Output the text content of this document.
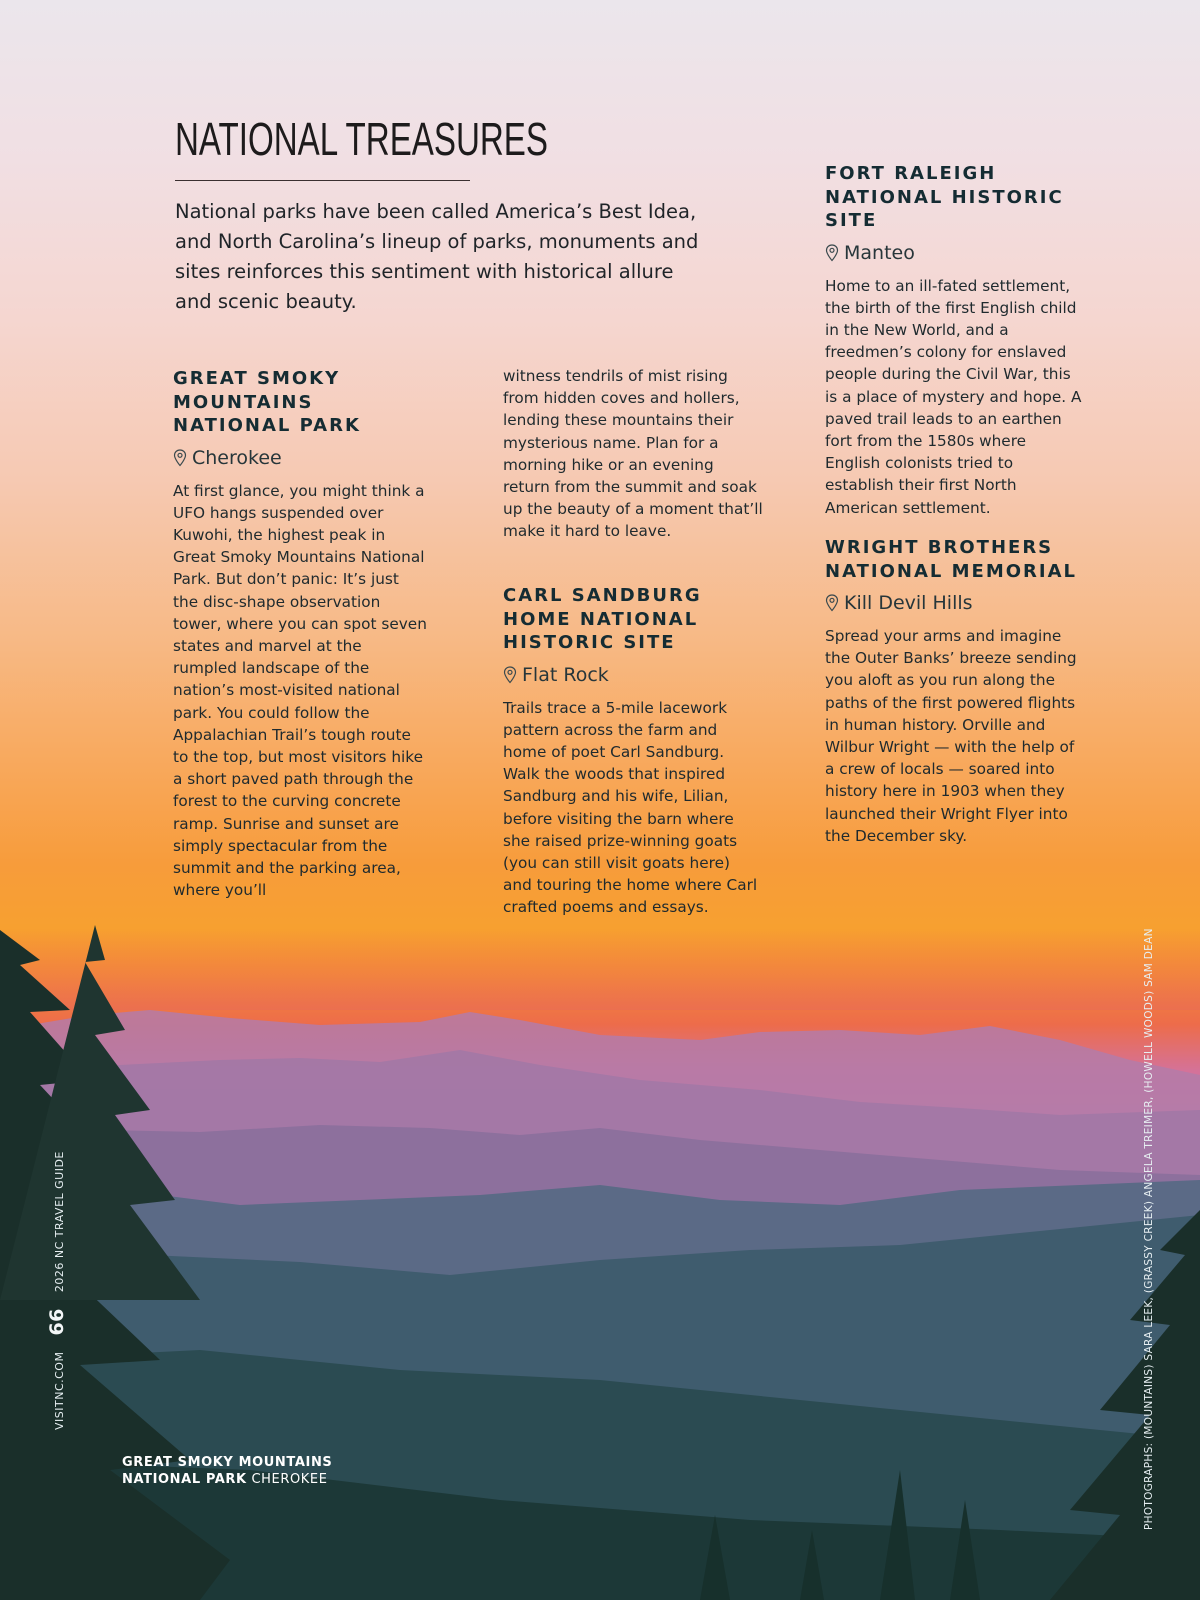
NATIONAL TREASURES

National parks have been called America’s Best Idea, and North Carolina’s lineup of parks, monuments and sites reinforces this sentiment with historical allure and scenic beauty.

GREAT SMOKY MOUNTAINS NATIONAL PARK
Cherokee

At first glance, you might think a UFO hangs suspended over Kuwohi, the highest peak in Great Smoky Mountains National Park. But don’t panic: It’s just the disc-shape observation tower, where you can spot seven states and marvel at the rumpled landscape of the nation’s most-visited national park. You could follow the Appalachian Trail’s tough route to the top, but most visitors hike a short paved path through the forest to the curving concrete ramp. Sunrise and sunset are simply spectacular from the summit and the parking area, where you’ll

witness tendrils of mist rising from hidden coves and hollers, lending these mountains their mysterious name. Plan for a morning hike or an evening return from the summit and soak up the beauty of a moment that’ll make it hard to leave.

CARL SANDBURG HOME NATIONAL HISTORIC SITE
Flat Rock

Trails trace a 5-mile lacework pattern across the farm and home of poet Carl Sandburg. Walk the woods that inspired Sandburg and his wife, Lilian, before visiting the barn where she raised prize-winning goats (you can still visit goats here) and touring the home where Carl crafted poems and essays.

FORT RALEIGH NATIONAL HISTORIC SITE
Manteo

Home to an ill-fated settlement, the birth of the first English child in the New World, and a freedmen’s colony for enslaved people during the Civil War, this is a place of mystery and hope. A paved trail leads to an earthen fort from the 1580s where English colonists tried to establish their first North American settlement.

WRIGHT BROTHERS NATIONAL MEMORIAL
Kill Devil Hills

Spread your arms and imagine the Outer Banks’ breeze sending you aloft as you run along the paths of the first powered flights in human history. Orville and Wilbur Wright — with the help of a crew of locals — soared into history here in 1903 when they launched their Wright Flyer into the December sky.

VISITNC.COM662026 NC TRAVEL GUIDE
GREAT SMOKY MOUNTAINS NATIONAL PARK CHEROKEE	PHOTOGRAPHS: (MOUNTAINS) SARA LEEK, (GRASSY CREEK) ANGELA TREIMER, (HOWELL WOODS) SAM DEAN
